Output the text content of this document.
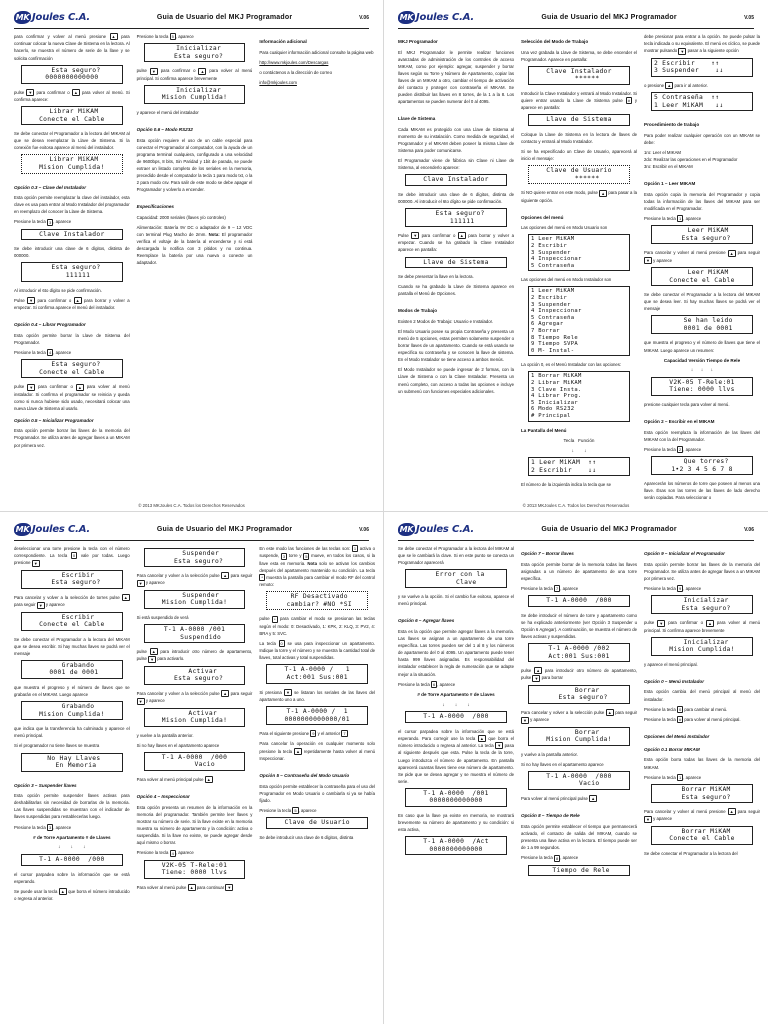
MK Joules C.A.	Guia de Usuario del MKJ Programador	V.06

para confirmar y volver al menú presione ▲ para continuar colocar la nueva Clave de Sistema en la lectora. Al hacerlo, se muestra el número de serie de la llave y se solicita confirmación

Esta seguro?
0000000000000

pulse ▼ para confirmar o ▲ para volver al menú. Si confirma aparece:

Librar MiKAM
Conecte el Cable

Se debe conectar el Programador a la lectora del MIKAM al que se desea reemplazar la Llave de Sistema. Si la conexión fue exitosa aparece al menú del instalador.

Librar MiKAM
Mision Cumplida!
Opción 0.3 – Clave del Instalador

Esta opción permite reemplazar la clave del instalador, esta clave es usa para entrar al Modo Instalador del programador en reemplazo del conocer la Llave de Sistema.

Presione la tecla 3 , aparece

Clave Instalador

Se debe introducir una clave de 6 dígitos, distinta de 000000.

Esta seguro?
111111

Al introducir el 6to dígito se pide confirmación.

Pulse ▼ para confirmar o ▲ para borrar y volver a empezar. Si confirma aparece el menú del instalador.

Opción 0.4 – Librar Programador

Esta opción permite borrar la Llave de Sistema del Programador.

Presione la tecla 4 , aparece

Esta seguro?
Conecte el Cable

pulse ▼ para confirmar o ▲ para volver al menú instalador. Si confirma el programador se reinicia y queda como si nunca hubiese sido usado, necesitará colocar una nueva Llave de Sistema al usarlo.

Opción 0.5 – Inicializar Programador

Esta opción permite borrar las llaves de la memoria del Programador. Se utiliza antes de agregar llaves a un MIKAM por primera vez.

Presione la tecla 5 , aparece

Inicializar
Esta seguro?

pulse ▼ para confirmar o ▲ para volver al menú principal. Si confirma aparece brevemente

Inicializar
Mision Cumplida!

y aparece el menú del instalador

Opción 0.6 – Modo RS232

Esta opción requiere el uso de un cable especial para conectar el Programador al computador, con la ayuda de un programa terminal cualquiera, configurado a una velocidad de 9600bps, 8 bits, Sin Paridad y 1bit de parada, se puede extraer un listado completo de los seriales en la memoria, precedido desde el computador la tecla 1 para modo txt, o la 2 para modo csv. Para salir de este modo se debe apagar el Programador y volverlo a encender.

Especificaciones

Capacidad: 2000 seriales (llaves y/o controles)

Alimentación: Batería 9V DC o adaptador de 9 – 12 VDC con terminal Plug Macho de 2mm. Nota: El programador verifica el voltaje de la batería al encenderse y si está descargada lo notifica con 3 pitidos y no continua. Reemplace la batería por una nueva o conecte un adaptador.

Información adicional

Para cualquier información adicional consulte la página web

http://www.mkjoules.com/Descargas

o contáctenos a la dirección de correo

info@mkjoules.com

© 2013 MKJoules C.A. Todos los Derechos Reservados
MK Joules C.A.	Guia de Usuario del MKJ Programador	V.05
MKJ Programador

El MKJ Programador le permite realizar funciones avanzadas de administración de los controles de acceso MIKAM, como por ejemplo: agregar, suspender y borrar llaves según su Torre y Número de Apartamento, copiar las llaves de un MIKAM a otro, cambiar el tiempo de activación del contacto y proteger con contraseña el MIKAM. Se pueden distribuir las llaves en 8 torres, de la 1 a la 8. Los apartamentos se pueden numerar del 0 al 4095.

Llave de Sistema

Cada MIKAM es protegido con una Llave de Sistema al momento de su instalación. Como medida de seguridad, el Programador y el MIKAM deben poseer la misma Llave de Sistema para poder comunicarse.

El Programador viene de fábrica sin Clave ni Llave de Sistema, al encenderlo aparece:

Clave Instalador

Se debe introducir una clave de 6 dígitos, distinta de 000000. Al introducir el 6to dígito se pide confirmación.

Esta seguro?
111111

Pulse ▼ para confirmar o ▲ para borrar y volver a empezar. Cuando se ha grabado la Clave Instalador aparece en pantalla:

Llave de Sistema

Se debe presentar la llave en la lectora.

Cuando se ha grabado la Llave de Sistema aparece en pantalla el Menú de Opciones.

Modos de Trabajo

Existen 2 Modos de Trabajo: Usuario e Instalador.

El Modo Usuario posee su propia Contraseña y presenta un menú de 5 opciones, estas permiten solamente suspender o borrar llaves de un apartamento. Cuando se está usando se especifica su contraseña y se conocen la llave de sistema. En el Modo Instalador se tiene acceso a ambos menús.

El Modo Instalador se puede ingresar de 2 formas, con la Llave de Sistema o con la Clave Instalador. Presenta un menú completo, con acceso a todas las opciones e incluye un submenú con funciones especiales adicionales.

Selección del Modo de Trabajo

Una vez grabada la Llave de Sistema, se debe encender el Programador. Aparece en pantalla:

Clave Instalador
******

Introducir la Clave Instalador y entrará al Modo Instalador. Si quiere entrar usando la Llave de Sistema pulse # y aparece en pantalla:

Llave de Sistema

Coloque la Llave de Sistema en la lectora de llaves de contacto y entrará al Modo Instalador.

Si se ha especificado un Clave de Usuario, aparecerá al inicio el mensaje:

Clave de Usuario
******

Si NO quiere entrar en este modo, pulse ▲ para pasar a la siguiente opción.

Opciones del menú

Las opciones del menú en Modo Usuario son

1 Leer MiKAM
2 Escribir
3 Suspender
4 Inspeccionar
5 Contraseña

Las opciones del menú en Modo Instalador son

1 Leer MiKAM
2 Escribir
3 Suspender
4 Inspeccionar
5 Contraseña
6 Agregar
7 Borrar
8 Tiempo Rele
9 Tiempo SVPA
0 M- Instal-

La opción 0, es el Menú Instalador con las opciones:

1 Borrar MiKAM
2 Librar MiKAM
3 Clave Insta.
4 Librar Prog.
5 Inicializar
6 Modo RS232
# Principal
La Pantalla del Menú
Tecla   Función
↓        ↓
1 Leer MiKAM  ↑↑
2 Escribir    ↓↓

El número de la izquierda indica la tecla que se

debe presionar para entrar a la opción. Se puede pulsar la tecla indicada o su equivalente. El menú es cíclico, se puede mostrar pulsando ▼ pasar a la siguiente opción

2 Escribir    ↑↑
3 Suspender    ↓↓

o presione ▲ para ir al anterior.

5 Contraseña  ↑↑
1 Leer MiKAM   ↓↓
Procedimiento de trabajo

Para poder realizar cualquier operación con un MIKAM se debe:

1ro: Leer el MIKAM
2do: Realizar las operaciones en el Programador
3ro: Escribir en el MIKAM

Opción 1 – Leer MIKAM

Esta opción copia la memoria del Programador y copia todas la información de las llaves del MIKAM para ser modificada en el Programador.

Presione la tecla 1 , aparece

Leer MiKAM
Esta seguro?

Para cancelar y volver al menú presione ▲ para seguir ▼ y aparece

Leer MiKAM
Conecte el Cable

Se debe conectar el Programador a la lectora del MIKAM que se desea leer. Si hay muchas llaves se podrá ver el mensaje

Se han leido
0001 de 0001

que muestra el progreso y el número de llaves que tiene el MIKAM. Luego aparece un resumen:

Capacidad Versión Tiempo de Rele
↓      ↓      ↓
V2K-05 T-Rele:01
Tiene: 0000 llvs

presione cualquier tecla para volver al menú.

Opción 2 – Escribir en el MIKAM

Esta opción reemplaza la información de las llaves del MIKAM con la del Programador.

Presione la tecla 2 , aparece

Que torres?
1•2 3 4 5 6 7 8

Aparecerán los números de torre que poseen al menos una llave. Ésas son las torres de las llaves de lado derecho serán copiadas. Para seleccionar o

© 2013 MKJoules C.A. Todos los Derechos Reservados
MK Joules C.A.	Guia de Usuario del MKJ Programador	V.06

deseleccionar una torre presione la tecla con el número correspondiente. La tecla 0 vale por todas. Luego presione ▼

Escribir
Esta seguro?

Para cancelar y volver a la selección de torres pulse ▲ para seguir ▼ y aparece

Escribir
Conecte el Cable

Se debe conectar el Programador a la lectora del MIKAM que se desea escribir. Si hay muchas llaves se podrá ver el mensaje

Grabando
0001 de 0001

que muestra el progreso y el número de llaves que se grabarán en el MIKAM. Luego aparece

Grabando
Mision Cumplida!

que indica que la transferencia ha culminado y aparece el menú principal.

Si el programador no tiene llaves se muestra

No Hay Llaves
En Memoria
Opción 3 – Suspender llaves

Esta opción permite suspender llaves activas para deshabilitarlas sin necesidad de borrarlas de la memoria. Las llaves suspendidas se muestran con el indicador de llaves suspendidas para restablecerlas luego.

Presione la tecla 3 , aparece

# de Torre Apartamento # de Llaves
↓        ↓        ↓
T-1 A-0000  /000

el cursor parpadea sobre la información que se está esperando.

Se puede usar la tecla ▲ que borra el número introducido o regresa al anterior.

Suspender
Esta seguro?

Para cancelar y volver a la selección pulse ▲ para seguir ▼ y aparece

Suspender
Mision Cumplida!

Si está suspendido de verá

T-1 A-0000 /001
Suspendido

pulse ▲ para introducir otro número de apartamento, pulse ▼ para activarlo.

Activar
Esta seguro?

Para cancelar y volver a la selección pulse ▲ para seguir ▼ y aparece

Activar
Mision Cumplida!

y vuelve a la pantalla anterior.

Si no hay llaves en el apartamento aparece

T-1 A-0000  /000
Vacio

Para volver al menú principal pulse ▲

Opción 4 – Inspeccionar

Esta opción presenta un resumen de la información en la memoria del programador. También permite leer llaves y mostrar su número de serie. Si la llave existe en la memoria muestra su número de apartamento y la condición: activa o suspendida. Si la llave no existe, se puede agregar desde aquí mismo o borrar.

Presione la tecla 4 , aparece

V2K-05 T-Rele:01
Tiene: 0000 llvs

Para volver al menú pulse ▲ para continuar ▼

En este modo las funciones de las teclas son: 1 activa o suspende, 3 torre y 5 mueve, en todos los casos, si la llave esta en memoria. Nota solo se activan los cambios después del apartamento mantenido su condición. La tecla * muestra la pantalla para cambiar el modo RF del control remoto:

RF Desactivado
cambiar? #NO *SI

pulse * para cambiar el modo se presionan las teclas según el modo: 0: Desactivado, 1: KPK, 2: KLQ, 3: PV2, 4: BRA y 5: SVC.

La tecla 0 se usa para inspeccionar un apartamento. Indique la torre y el número y se muestra la cantidad total de llaves, total activas y total suspendidas.

T-1 A-0000 /   1
Act:001 Sus:001

Si presiona ▼ se listaran los seriales de las llaves del apartamento uno a uno.

T-1 A-0000 /  1
0000000000000/01

Para el siguiente presione 9 y el anterior 7

Para cancelar la operación en cualquier momento solo presione la tecla ▲ repetidamente hasta volver al menú Inspeccionar.

Opción 5 – Contraseña del Modo Usuario

Esta opción permite establecer la contraseña para el uso del Programador en Modo Usuario o cambiarla si ya se había fijado.

Presione la tecla 5 , aparece

Clave de Usuario

Se debe introducir una clave de 6 dígitos, distinta

MK Joules C.A.	Guia de Usuario del MKJ Programador	V.06

Se debe conectar el Programador a la lectora del MIKAM al que se le cambiará la clave. Si en este punto se conecta un Programador aparecerá

Error con la
Clave

y se vuelve a la opción. Si el cambio fue exitoso, aparece el menú principal.

Opción 6 – Agregar llaves

Esta es la opción que permite agregar llaves a la memoria. Las llaves se asignan a un apartamento de una torre específica. Las torres pueden ser del 1 al 8 y los números de apartamento del 0 al 4095. Un apartamento puede tener hasta 999 llaves asignadas. Es responsabilidad del instalador establecer la regla de numeración que se adapte mejor a la situación.

Presione la tecla 6 , aparece

# de Torre Apartamento # de Llaves
↓        ↓        ↓
T-1 A-0000  /000

el cursor parpadea sobre la información que se está esperando. Para corregir use la tecla ▲ que borra el número introducido o regresa al anterior. La tecla ▼ pasa al siguiente después que esta. Pulse la tecla de la torre, Luego introduzca el número de apartamento. En pantalla aparecerá cuantas llaves tiene ese número de apartamento. Se pide que se desea agregar y se muestra el número de serie.

T-1 A-0000  /001
0000000000000

En caso que la llave ya existe en memoria, se mostrará brevemente su número de apartamento y su condición: si esta activa,

T-1 A-0000  /Act
0000000000000
Opción 7 – Borrar llaves

Esta opción permite borrar de la memoria todas las llaves asignadas a un número de apartamento de una torre específica.

Presione la tecla 7 , aparece

T-1 A-0000  /000

Se debe introducir el número de torre y apartamento como se ha explicado anteriormente (ver Opción 3 Suspender u Opción 6 Agregar). A continuación, se muestra el número de llaves activas y suspendidas.

T-1 A-0000 /002
Act:001 Sus:001

pulse ▲ para introducir otro número de apartamento, pulse ▼ para borrar

Borrar
Esta seguro?

Para cancelar y volver a la selección pulse ▲ para seguir ▼ y aparece

Borrar
Mision Cumplida!

y vuelve a la pantalla anterior.

Si no hay llaves en el apartamento aparece

T-1 A-0000  /000
Vacio

Para volver al menú principal pulse ▲

Opción 8 – Tiempo de Rele

Esta opción permite establecer el tiempo que permanecerá activado, el contacto de salida del MIKAM, cuando se presenta una llave activa en la lectora. El tiempo puede ser de 1 a 99 segundos.

Presione la tecla 8 , aparece

Tiempo de Rele
Opción 9 – Inicializar el Programador

Esta opción permite borrar las llaves de la memoria del Programador. Se utiliza antes de agregar llaves a un MIKAM por primera vez.

Presione la tecla 9 , aparece

Inicializar
Esta seguro?

pulse ▼ para confirmar o ▲ para volver al menú principal. Si confirma aparece brevemente

Inicializar
Mision Cumplida!

y aparece el menú principal.

Opción 0 – Menú Instalador

Esta opción cambia del menú principal al menú del instalador.

Presione la tecla 0 para cambiar al menú.

Presione la tecla # para volver al menú principal.

Opciones del Menú Instalador
Opción 0.1 Borrar MIKAM

Esta opción borra todas las llaves de la memoria del MIKAM.

Presione la tecla 1 , aparece

Borrar MiKAM
Esta seguro?

Para cancelar y volver al menú presione ▲ para seguir ▼ y aparece

Borrar MiKAM
Conecte el Cable

Se debe conectar el Programador a la lectora del
